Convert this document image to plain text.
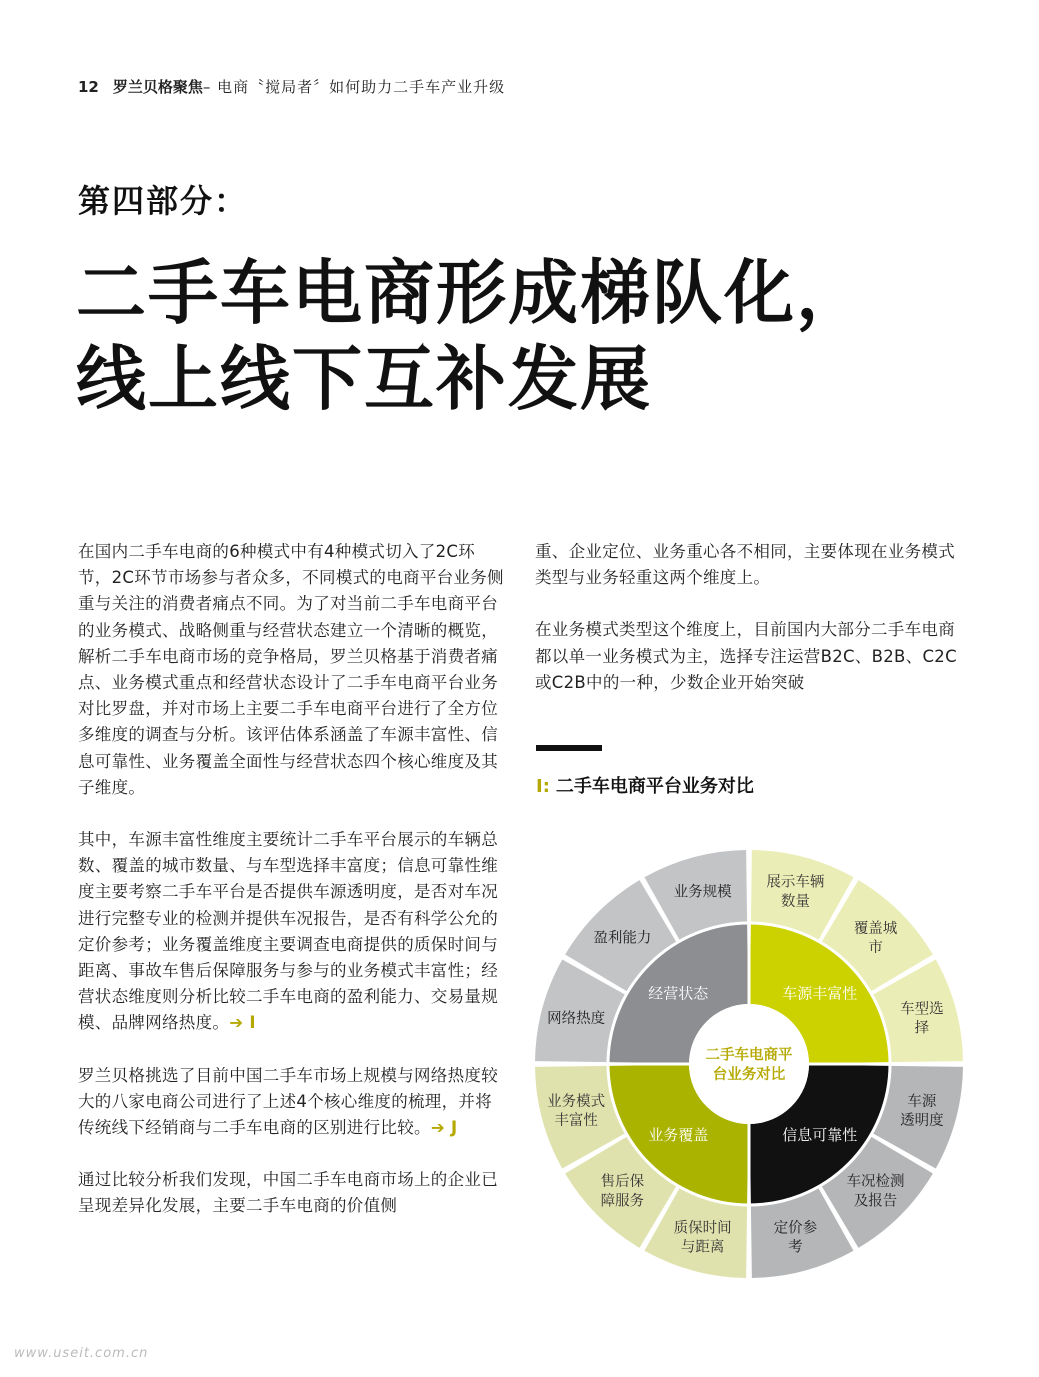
12 罗兰贝格聚焦– 电商〝搅局者〞如何助力二手车产业升级
第四部分：
二手车电商形成梯队化，
线上线下互补发展

在国内二手车电商的6种模式中有4种模式切入了2C环节，2C环节市场参与者众多，不同模式的电商平台业务侧重与关注的消费者痛点不同。为了对当前二手车电商平台的业务模式、战略侧重与经营状态建立一个清晰的概览，解析二手车电商市场的竞争格局，罗兰贝格基于消费者痛点、业务模式重点和经营状态设计了二手车电商平台业务对比罗盘，并对市场上主要二手车电商平台进行了全方位多维度的调查与分析。该评估体系涵盖了车源丰富性、信息可靠性、业务覆盖全面性与经营状态四个核心维度及其子维度。

其中，车源丰富性维度主要统计二手车平台展示的车辆总数、覆盖的城市数量、与车型选择丰富度；信息可靠性维度主要考察二手车平台是否提供车源透明度，是否对车况进行完整专业的检测并提供车况报告，是否有科学公允的定价参考；业务覆盖维度主要调查电商提供的质保时间与距离、事故车售后保障服务与参与的业务模式丰富性；经营状态维度则分析比较二手车电商的盈利能力、交易量规模、品牌网络热度。➔ I

罗兰贝格挑选了目前中国二手车市场上规模与网络热度较大的八家电商公司进行了上述4个核心维度的梳理，并将传统线下经销商与二手车电商的区别进行比较。➔ J

通过比较分析我们发现，中国二手车电商市场上的企业已呈现差异化发展，主要二手车电商的价值侧

重、企业定位、业务重心各不相同，主要体现在业务模式类型与业务轻重这两个维度上。

在业务模式类型这个维度上，目前国内大部分二手车电商都以单一业务模式为主，选择专注运营B2C、B2B、C2C或C2B中的一种，少数企业开始突破

I: 二手车电商平台业务对比
展示车辆数量
覆盖城市
车型选择
车源丰富性
车源透明度
车况检测及报告
定价参考
信息可靠性
质保时间与距离
售后保障服务
业务模式丰富性
业务覆盖
网络热度
盈利能力
业务规模
经营状态
二手车电商平台业务对比
www.useit.com.cn
